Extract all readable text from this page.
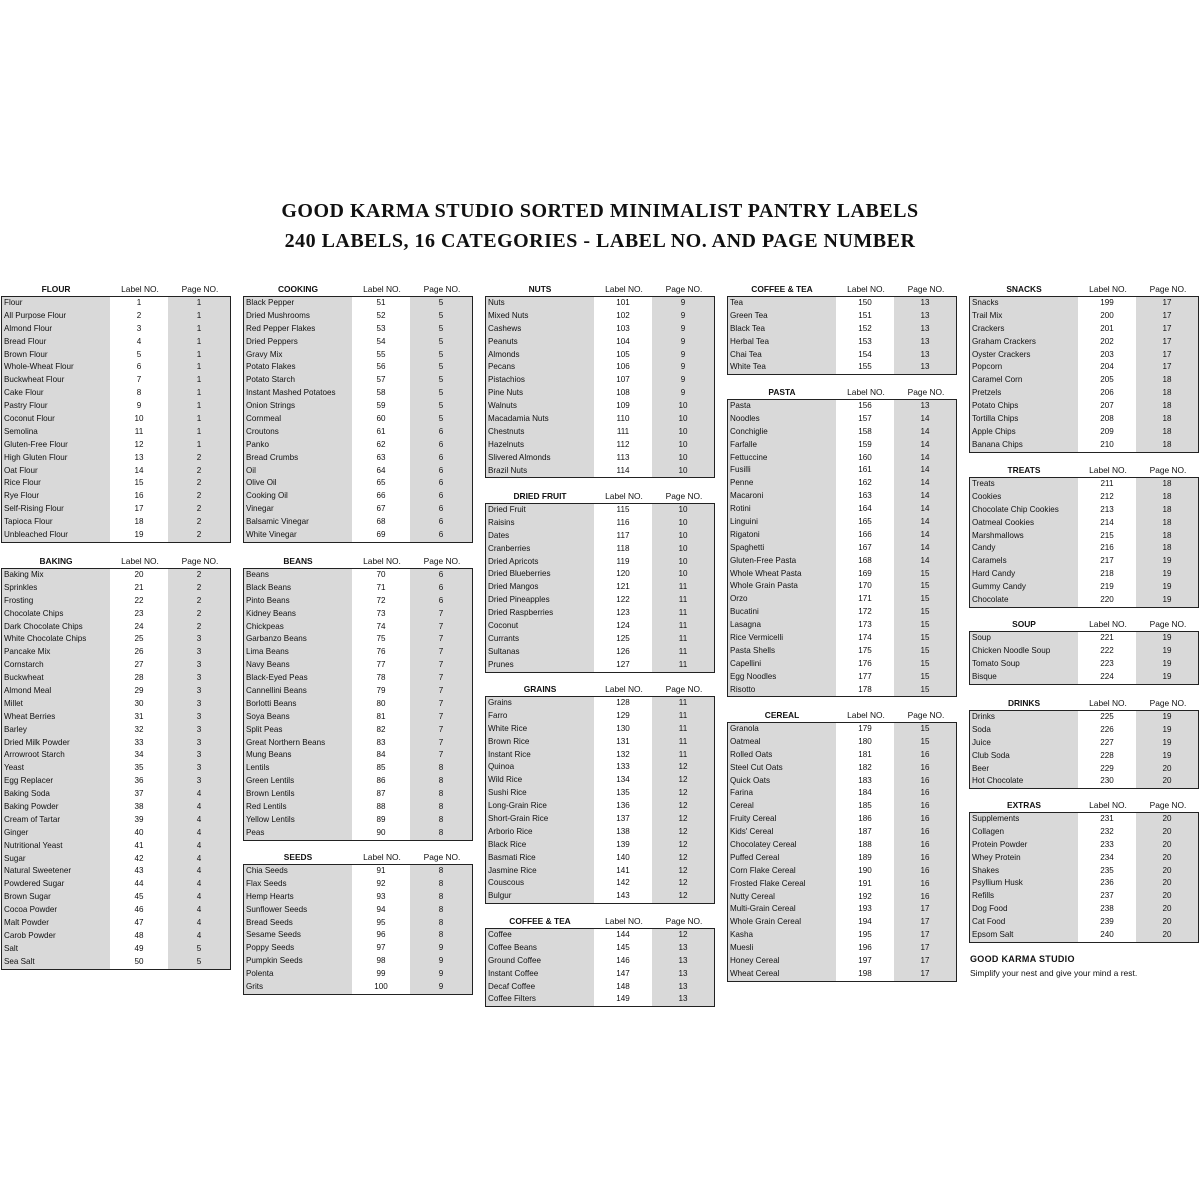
GOOD KARMA STUDIO SORTED MINIMALIST PANTRY LABELS
240 LABELS, 16 CATEGORIES - LABEL NO. AND PAGE NUMBER
FLOUR	Label NO.	Page NO.
Flour	1	1
All Purpose Flour	2	1
Almond Flour	3	1
Bread Flour	4	1
Brown Flour	5	1
Whole-Wheat Flour	6	1
Buckwheat Flour	7	1
Cake Flour	8	1
Pastry Flour	9	1
Coconut Flour	10	1
Semolina	11	1
Gluten-Free Flour	12	1
High Gluten Flour	13	2
Oat Flour	14	2
Rice Flour	15	2
Rye Flour	16	2
Self-Rising Flour	17	2
Tapioca Flour	18	2
Unbleached Flour	19	2
BAKING	Label NO.	Page NO.
Baking Mix	20	2
Sprinkles	21	2
Frosting	22	2
Chocolate Chips	23	2
Dark Chocolate Chips	24	2
White Chocolate Chips	25	3
Pancake Mix	26	3
Cornstarch	27	3
Buckwheat	28	3
Almond Meal	29	3
Millet	30	3
Wheat Berries	31	3
Barley	32	3
Dried Milk Powder	33	3
Arrowroot Starch	34	3
Yeast	35	3
Egg Replacer	36	3
Baking Soda	37	4
Baking Powder	38	4
Cream of Tartar	39	4
Ginger	40	4
Nutritional Yeast	41	4
Sugar	42	4
Natural Sweetener	43	4
Powdered Sugar	44	4
Brown Sugar	45	4
Cocoa Powder	46	4
Malt Powder	47	4
Carob Powder	48	4
Salt	49	5
Sea Salt	50	5
COOKING	Label NO.	Page NO.
Black Pepper	51	5
Dried Mushrooms	52	5
Red Pepper Flakes	53	5
Dried Peppers	54	5
Gravy Mix	55	5
Potato Flakes	56	5
Potato Starch	57	5
Instant Mashed Potatoes	58	5
Onion Strings	59	5
Cornmeal	60	5
Croutons	61	6
Panko	62	6
Bread Crumbs	63	6
Oil	64	6
Olive Oil	65	6
Cooking Oil	66	6
Vinegar	67	6
Balsamic Vinegar	68	6
White Vinegar	69	6
BEANS	Label NO.	Page NO.
Beans	70	6
Black Beans	71	6
Pinto Beans	72	6
Kidney Beans	73	7
Chickpeas	74	7
Garbanzo Beans	75	7
Lima Beans	76	7
Navy Beans	77	7
Black-Eyed Peas	78	7
Cannellini Beans	79	7
Borlotti Beans	80	7
Soya Beans	81	7
Split Peas	82	7
Great Northern Beans	83	7
Mung Beans	84	7
Lentils	85	8
Green Lentils	86	8
Brown Lentils	87	8
Red Lentils	88	8
Yellow Lentils	89	8
Peas	90	8
SEEDS	Label NO.	Page NO.
Chia Seeds	91	8
Flax Seeds	92	8
Hemp Hearts	93	8
Sunflower Seeds	94	8
Bread Seeds	95	8
Sesame Seeds	96	8
Poppy Seeds	97	9
Pumpkin Seeds	98	9
Polenta	99	9
Grits	100	9
NUTS	Label NO.	Page NO.
Nuts	101	9
Mixed Nuts	102	9
Cashews	103	9
Peanuts	104	9
Almonds	105	9
Pecans	106	9
Pistachios	107	9
Pine Nuts	108	9
Walnuts	109	10
Macadamia Nuts	110	10
Chestnuts	111	10
Hazelnuts	112	10
Slivered Almonds	113	10
Brazil Nuts	114	10
DRIED FRUIT	Label NO.	Page NO.
Dried Fruit	115	10
Raisins	116	10
Dates	117	10
Cranberries	118	10
Dried Apricots	119	10
Dried Blueberries	120	10
Dried Mangos	121	11
Dried Pineapples	122	11
Dried Raspberries	123	11
Coconut	124	11
Currants	125	11
Sultanas	126	11
Prunes	127	11
GRAINS	Label NO.	Page NO.
Grains	128	11
Farro	129	11
White Rice	130	11
Brown Rice	131	11
Instant Rice	132	11
Quinoa	133	12
Wild Rice	134	12
Sushi Rice	135	12
Long-Grain Rice	136	12
Short-Grain Rice	137	12
Arborio Rice	138	12
Black Rice	139	12
Basmati Rice	140	12
Jasmine Rice	141	12
Couscous	142	12
Bulgur	143	12
COFFEE & TEA	Label NO.	Page NO.
Coffee	144	12
Coffee Beans	145	13
Ground Coffee	146	13
Instant Coffee	147	13
Decaf Coffee	148	13
Coffee Filters	149	13
COFFEE & TEA	Label NO.	Page NO.
Tea	150	13
Green Tea	151	13
Black Tea	152	13
Herbal Tea	153	13
Chai Tea	154	13
White Tea	155	13
PASTA	Label NO.	Page NO.
Pasta	156	13
Noodles	157	14
Conchiglie	158	14
Farfalle	159	14
Fettuccine	160	14
Fusilli	161	14
Penne	162	14
Macaroni	163	14
Rotini	164	14
Linguini	165	14
Rigatoni	166	14
Spaghetti	167	14
Gluten-Free Pasta	168	14
Whole Wheat Pasta	169	15
Whole Grain Pasta	170	15
Orzo	171	15
Bucatini	172	15
Lasagna	173	15
Rice Vermicelli	174	15
Pasta Shells	175	15
Capellini	176	15
Egg Noodles	177	15
Risotto	178	15
CEREAL	Label NO.	Page NO.
Granola	179	15
Oatmeal	180	15
Rolled Oats	181	16
Steel Cut Oats	182	16
Quick Oats	183	16
Farina	184	16
Cereal	185	16
Fruity Cereal	186	16
Kids' Cereal	187	16
Chocolatey Cereal	188	16
Puffed Cereal	189	16
Corn Flake Cereal	190	16
Frosted Flake Cereal	191	16
Nutty Cereal	192	16
Multi-Grain Cereal	193	17
Whole Grain Cereal	194	17
Kasha	195	17
Muesli	196	17
Honey Cereal	197	17
Wheat Cereal	198	17
SNACKS	Label NO.	Page NO.
Snacks	199	17
Trail Mix	200	17
Crackers	201	17
Graham Crackers	202	17
Oyster Crackers	203	17
Popcorn	204	17
Caramel Corn	205	18
Pretzels	206	18
Potato Chips	207	18
Tortilla Chips	208	18
Apple Chips	209	18
Banana Chips	210	18
TREATS	Label NO.	Page NO.
Treats	211	18
Cookies	212	18
Chocolate Chip Cookies	213	18
Oatmeal Cookies	214	18
Marshmallows	215	18
Candy	216	18
Caramels	217	19
Hard Candy	218	19
Gummy Candy	219	19
Chocolate	220	19
SOUP	Label NO.	Page NO.
Soup	221	19
Chicken Noodle Soup	222	19
Tomato Soup	223	19
Bisque	224	19
DRINKS	Label NO.	Page NO.
Drinks	225	19
Soda	226	19
Juice	227	19
Club Soda	228	19
Beer	229	20
Hot Chocolate	230	20
EXTRAS	Label NO.	Page NO.
Supplements	231	20
Collagen	232	20
Protein Powder	233	20
Whey Protein	234	20
Shakes	235	20
Psyllium Husk	236	20
Refills	237	20
Dog Food	238	20
Cat Food	239	20
Epsom Salt	240	20
GOOD KARMA STUDIO
Simplify your nest and give your mind a rest.
